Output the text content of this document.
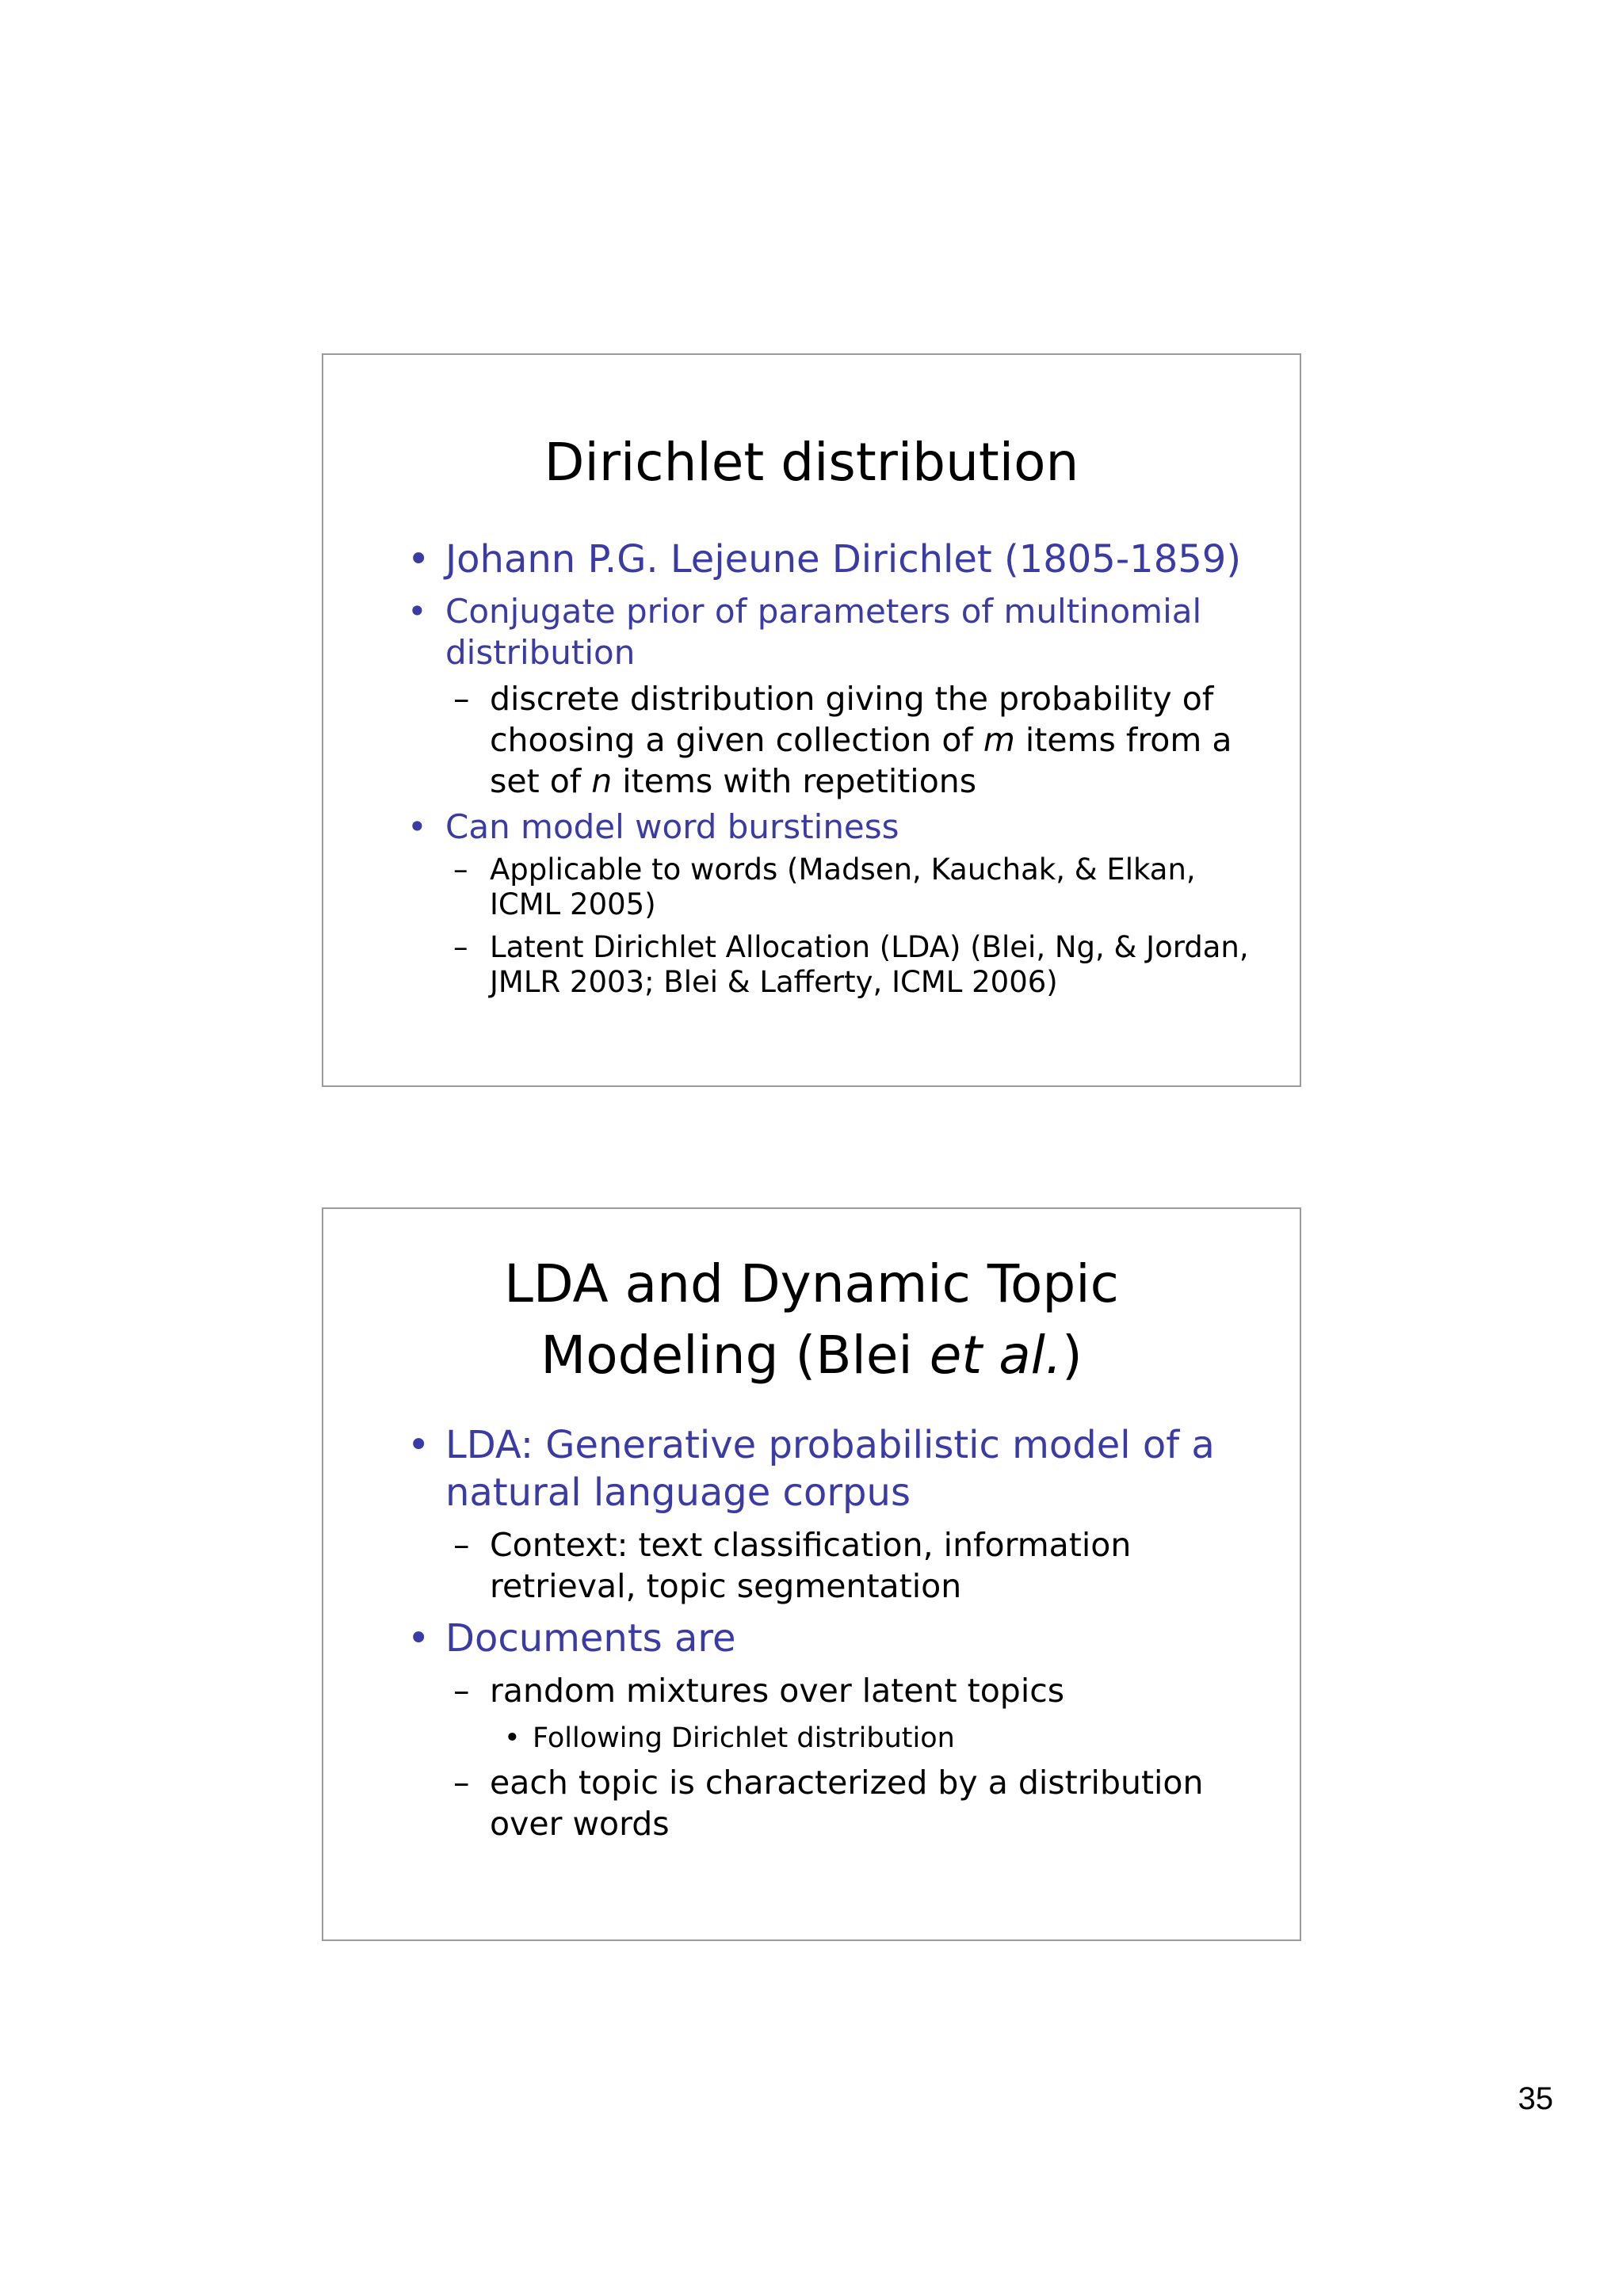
Dirichlet distribution
• Johann P.G. Lejeune Dirichlet (1805-1859)
• Conjugate prior of parameters of multinomial distribution
– discrete distribution giving the probability of choosing a given collection of m items from a set of n items with repetitions
• Can model word burstiness
– Applicable to words (Madsen, Kauchak, & Elkan, ICML 2005)
– Latent Dirichlet Allocation (LDA) (Blei, Ng, & Jordan, JMLR 2003; Blei & Lafferty, ICML 2006)
LDA and Dynamic Topic
Modeling (Blei et al.)
• LDA: Generative probabilistic model of a natural language corpus
– Context: text classification, information retrieval, topic segmentation
• Documents are
– random mixtures over latent topics
• Following Dirichlet distribution
– each topic is characterized by a distribution over words
35
